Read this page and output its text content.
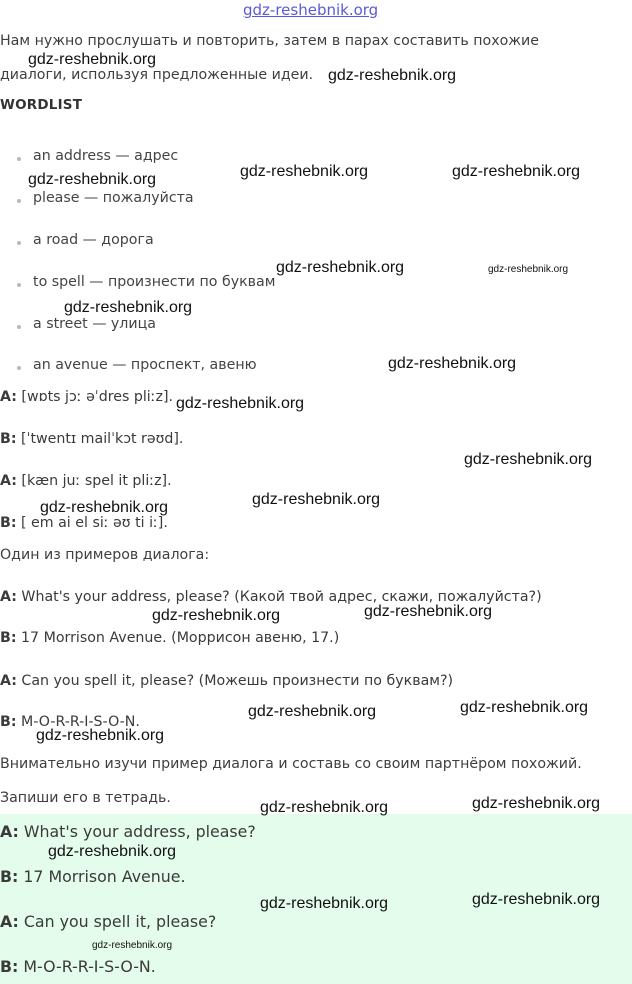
gdz-reshebnik.org
Нам нужно прослушать и повторить, затем в парах составить похожие
диалоги, используя предложенные идеи.
WORDLIST
an address — адрес
please — пожалуйста
a road — дорога
to spell — произнести по буквам
a street — улица
an avenue — проспект, авеню
A: [wɒts jɔː əˈdres pliːz].
B: [ˈtwentɪ mailˈkɔt rəʊd].
A: [kæn juː spel it pliːz].
B: [ em ai el siː əʊ ti iː].
Один из примеров диалога:
A: What's your address, please? (Какой твой адрес, скажи, пожалуйста?)
B: 17 Morrison Avenue. (Моррисон авеню, 17.)
A: Can you spell it, please? (Можешь произнести по буквам?)
B: M-O-R-R-I-S-O-N.
Внимательно изучи пример диалога и составь со своим партнёром похожий.
Запиши его в тетрадь.
A: What's your address, please?
B: 17 Morrison Avenue.
A: Can you spell it, please?
B: M-O-R-R-I-S-O-N.
gdz-reshebnik.org
gdz-reshebnik.org
gdz-reshebnik.org	gdz-reshebnik.org	gdz-reshebnik.org
gdz-reshebnik.org	gdz-reshebnik.org
gdz-reshebnik.org
gdz-reshebnik.org
gdz-reshebnik.org
gdz-reshebnik.org
gdz-reshebnik.org	gdz-reshebnik.org
gdz-reshebnik.org	gdz-reshebnik.org
gdz-reshebnik.org	gdz-reshebnik.org
gdz-reshebnik.org
gdz-reshebnik.org	gdz-reshebnik.org
gdz-reshebnik.org
gdz-reshebnik.org	gdz-reshebnik.org
gdz-reshebnik.org
